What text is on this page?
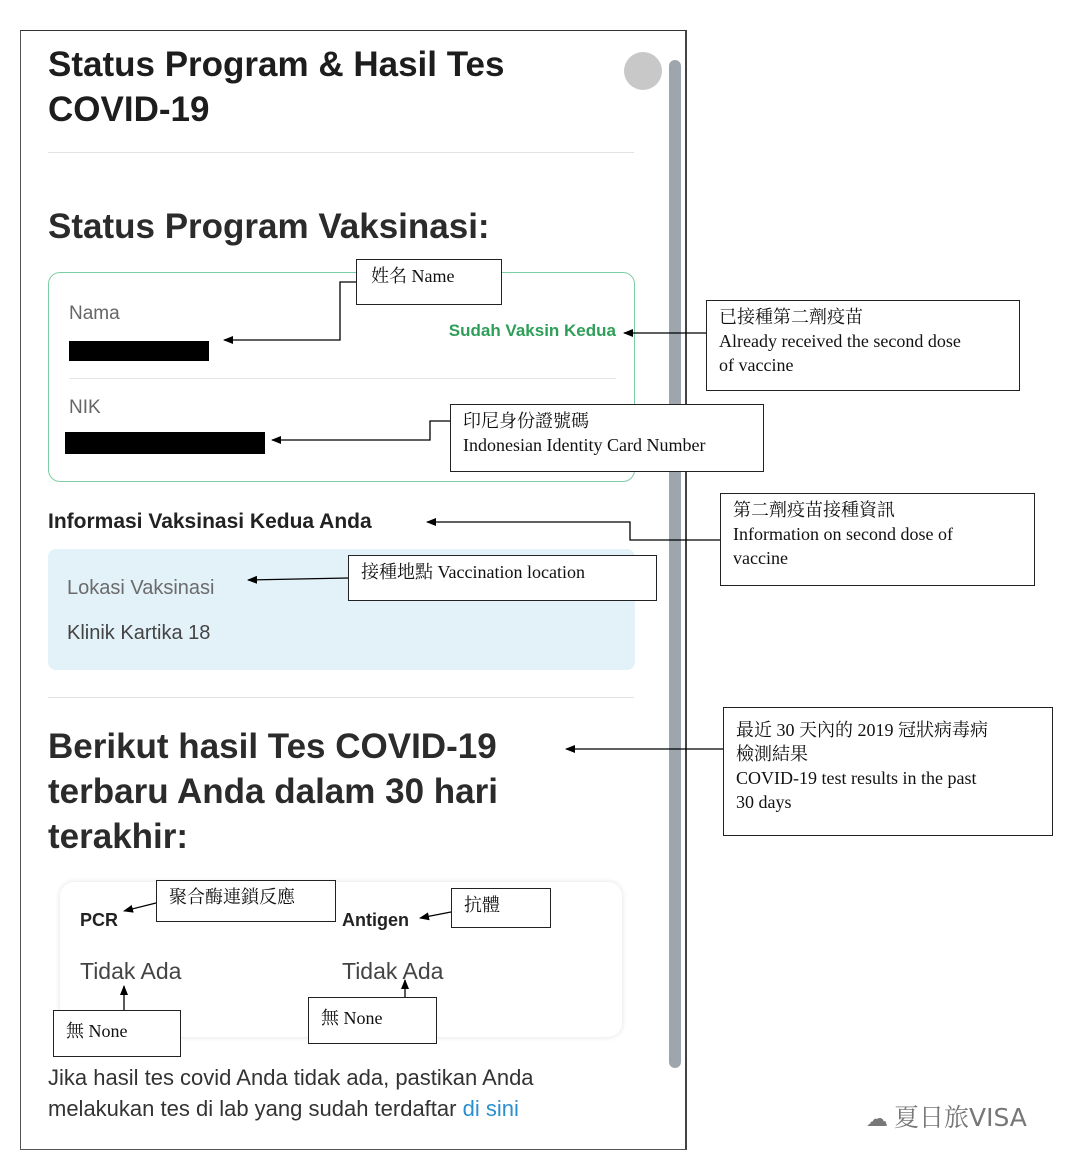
Status Program & Hasil Tes COVID-19
Status Program Vaksinasi:
Nama
Sudah Vaksin Kedua
NIK
Informasi Vaksinasi Kedua Anda
Lokasi Vaksinasi
Klinik Kartika 18
Berikut hasil Tes COVID-19 terbaru Anda dalam 30 hari terakhir:
PCR
Tidak Ada
Antigen
Tidak Ada
Jika hasil tes covid Anda tidak ada, pastikan Anda melakukan tes di lab yang sudah terdaftar di sini
姓名 Name
已接種第二劑疫苗
Already received the second dose
of vaccine
印尼身份證號碼
Indonesian Identity Card Number
第二劑疫苗接種資訊
Information on second dose of
vaccine
接種地點 Vaccination location
最近 30 天內的 2019 冠狀病毒病
檢測結果
COVID-19 test results in the past
30 days
聚合酶連鎖反應	抗體
無 None
無 None
☁ 夏日旅VISA
